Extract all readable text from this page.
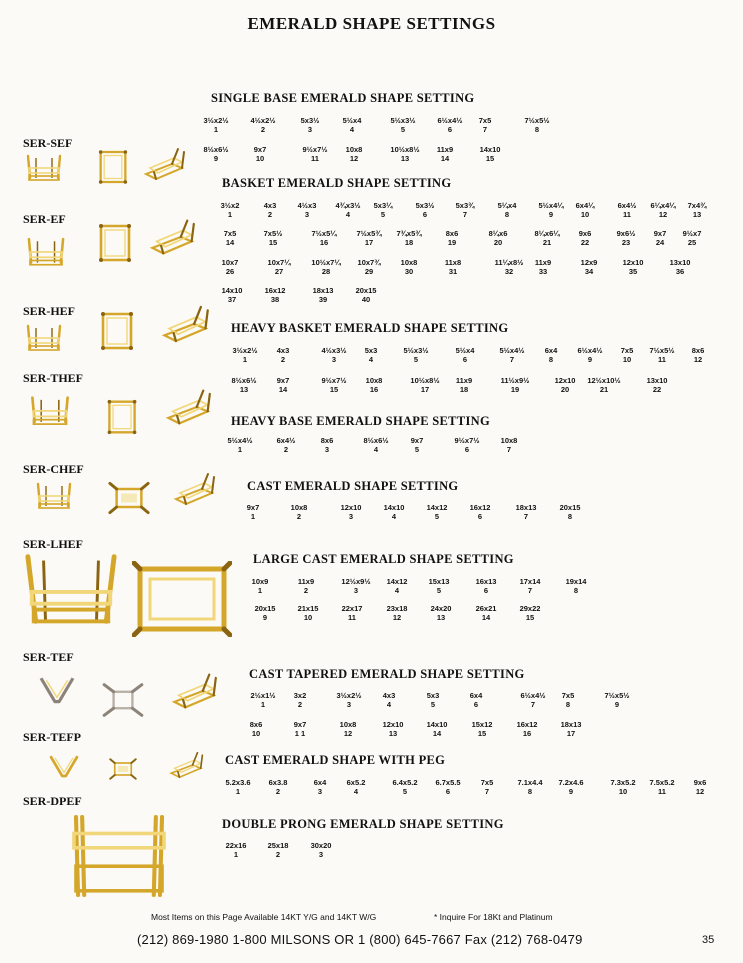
EMERALD SHAPE SETTINGS
SER-SEF
SER-EF
SER-HEF
SER-THEF
SER-CHEF
SER-LHEF
SER-TEF
SER-TEFP
SER-DPEF
SINGLE BASE EMERALD SHAPE SETTING
BASKET EMERALD SHAPE SETTING
HEAVY BASKET EMERALD SHAPE SETTING
HEAVY BASE EMERALD SHAPE SETTING
CAST EMERALD SHAPE SETTING
LARGE CAST EMERALD SHAPE SETTING
CAST TAPERED EMERALD SHAPE SETTING
CAST EMERALD SHAPE WITH PEG
DOUBLE PRONG EMERALD SHAPE SETTING
3½x2½
1
4½x2½
2
5x3½
3
5½x4
4
5½x3½
5
6½x4½
6
7x5
7
7½x5½
8
8½x6½
9
9x7
10
9½x7½
11
10x8
12
10½x8½
13
11x9
14
14x10
15
3½x2
1
4x3
2
4½x3
3
4¾x3½
4
5x3¼
5
5x3½
6
5x3¾
7
5¼x4
8
5½x4¼
9
6x4¼
10
6x4½
11
6¼x4¼
12
7x4¾
13
7x5
14
7x5½
15
7½x5¼
16
7½x5¾
17
7¾x5¾
18
8x6
19
8¼x6
20
8¼x6¼
21
9x6
22
9x6½
23
9x7
24
9½x7
25
10x7
26
10x7¼
27
10½x7¼
28
10x7¾
29
10x8
30
11x8
31
11¼x8½
32
11x9
33
12x9
34
12x10
35
13x10
36
14x10
37
16x12
38
18x13
39
20x15
40
3½x2½
1
4x3
2
4½x3½
3
5x3
4
5½x3½
5
5½x4
6
5½x4½
7
6x4
8
6½x4½
9
7x5
10
7½x5½
11
8x6
12
8½x6½
13
9x7
14
9½x7½
15
10x8
16
10½x8½
17
11x9
18
11½x9½
19
12x10
20
12½x10½
21
13x10
22
5½x4½
1
6x4½
2
8x6
3
8½x6½
4
9x7
5
9½x7½
6
10x8
7
9x7
1
10x8
2
12x10
3
14x10
4
14x12
5
16x12
6
18x13
7
20x15
8
10x9
1
11x9
2
12½x9½
3
14x12
4
15x13
5
16x13
6
17x14
7
19x14
8
20x15
9
21x15
10
22x17
11
23x18
12
24x20
13
26x21
14
29x22
15
2½x1½
1
3x2
2
3½x2½
3
4x3
4
5x3
5
6x4
6
6½x4½
7
7x5
8
7½x5½
9
8x6
10
9x7
1 1
10x8
12
12x10
13
14x10
14
15x12
15
16x12
16
18x13
17
5.2x3.6
1
6x3.8
2
6x4
3
6x5.2
4
6.4x5.2
5
6.7x5.5
6
7x5
7
7.1x4.4
8
7.2x4.6
9
7.3x5.2
10
7.5x5.2
11
9x6
12
22x16
1
25x18
2
30x20
3
Most Items on this Page Available 14KT Y/G and 14KT W/G	* Inquire For 18Kt and Platinum
(212) 869-1980 1-800 MILSONS OR 1 (800) 645-7667 Fax (212) 768-0479	35
